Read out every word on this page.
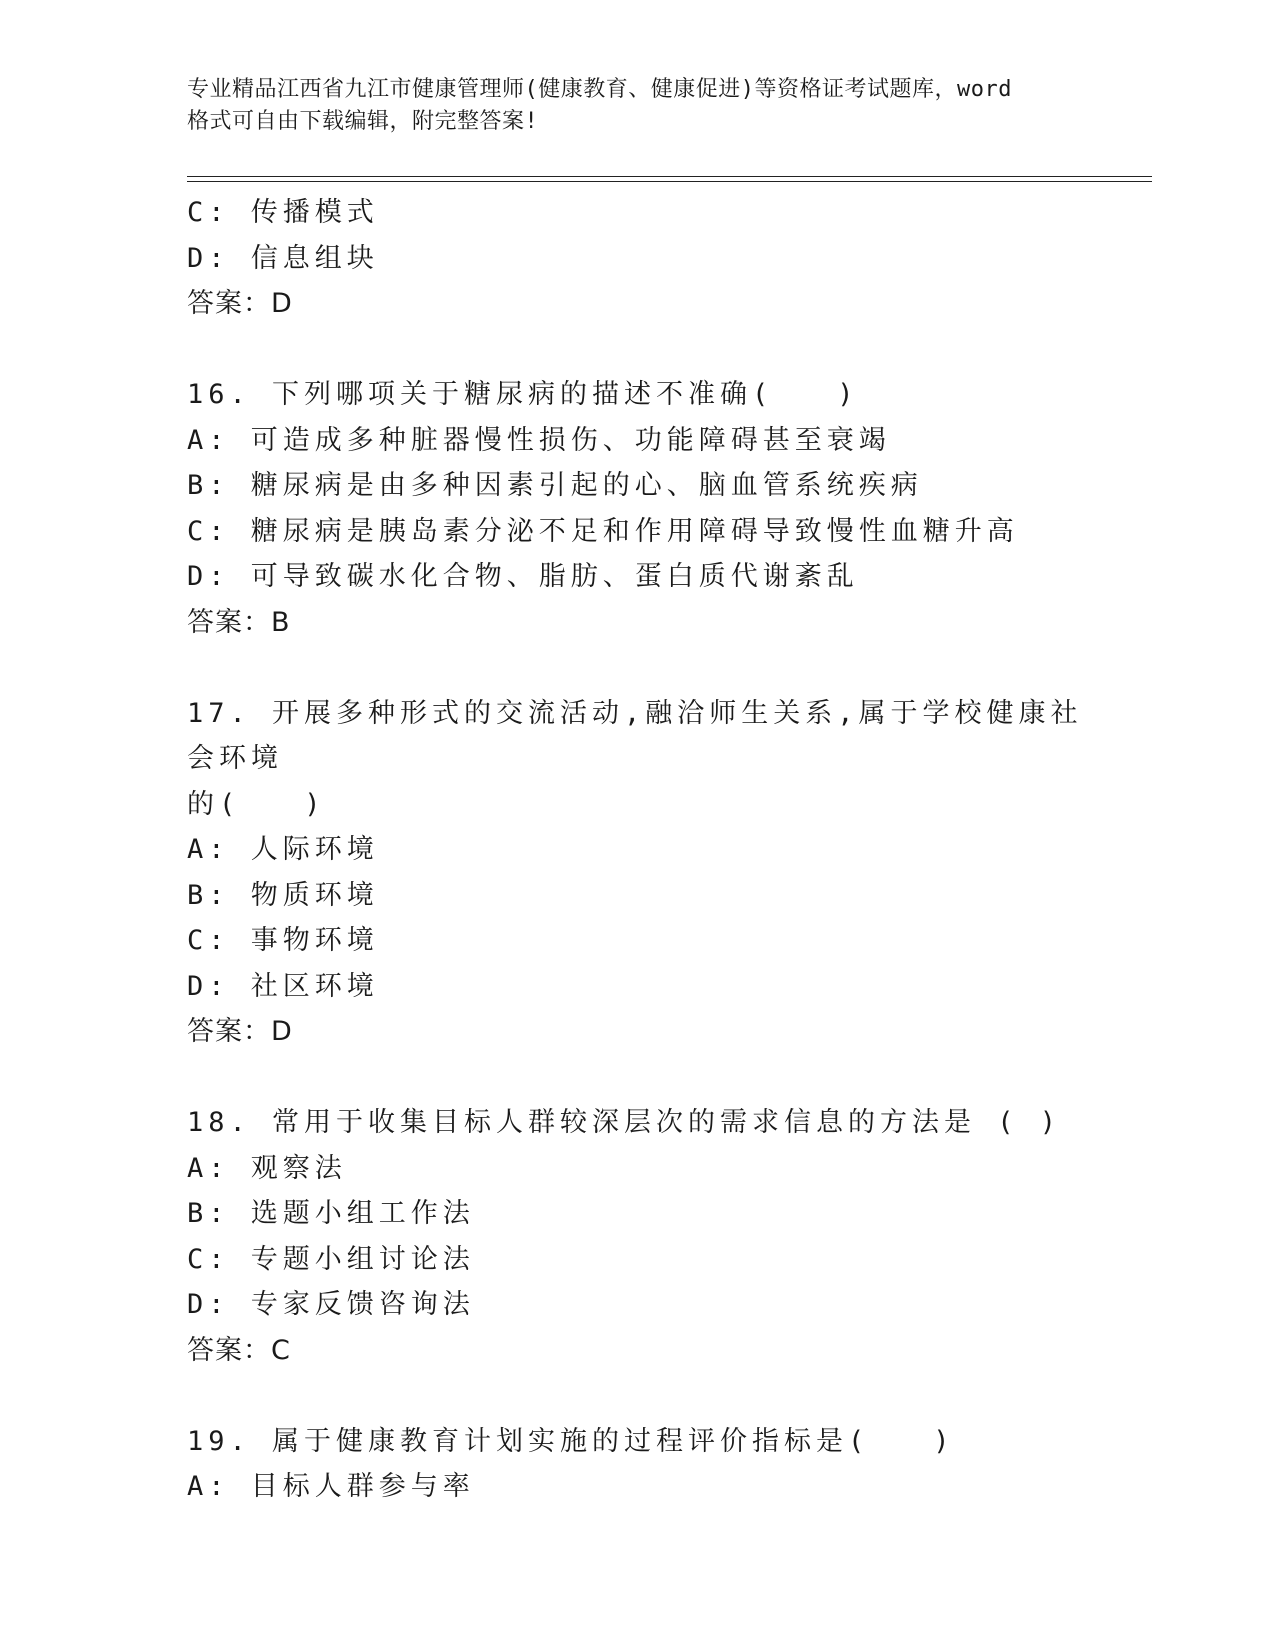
专业精品江西省九江市健康管理师(健康教育、健康促进)等资格证考试题库，word
格式可自由下载编辑，附完整答案!
C: 传播模式
D: 信息组块
答案：D
16. 下列哪项关于糖尿病的描述不准确(　　)
A: 可造成多种脏器慢性损伤、功能障碍甚至衰竭
B: 糖尿病是由多种因素引起的心、脑血管系统疾病
C: 糖尿病是胰岛素分泌不足和作用障碍导致慢性血糖升高
D: 可导致碳水化合物、脂肪、蛋白质代谢紊乱
答案：B
17. 开展多种形式的交流活动,融洽师生关系,属于学校健康社会环境
的(　　)
A: 人际环境
B: 物质环境
C: 事物环境
D: 社区环境
答案：D
18. 常用于收集目标人群较深层次的需求信息的方法是 ( )
A: 观察法
B: 选题小组工作法
C: 专题小组讨论法
D: 专家反馈咨询法
答案：C
19. 属于健康教育计划实施的过程评价指标是(　　)
A: 目标人群参与率
